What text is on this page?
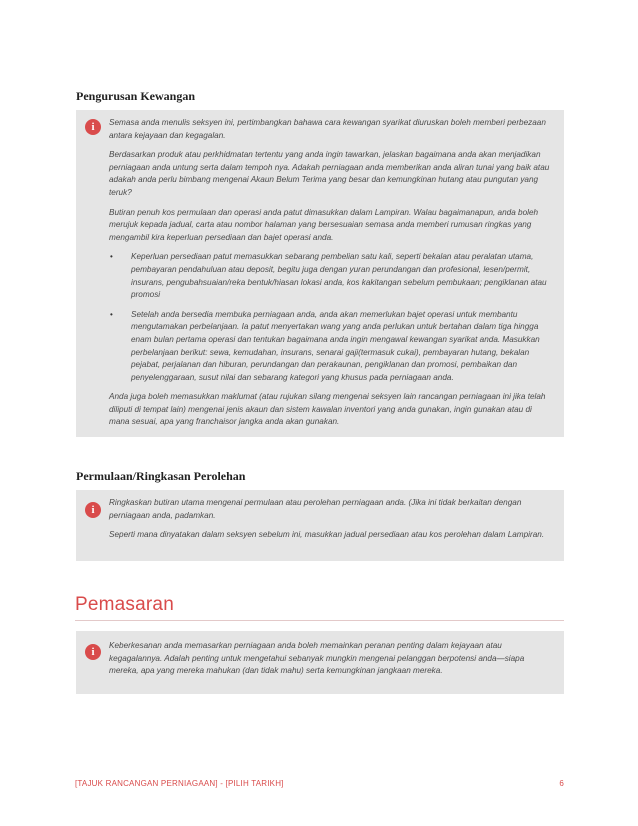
Pengurusan Kewangan
i	Semasa anda menulis seksyen ini, pertimbangkan bahawa cara kewangan syarikat diuruskan boleh memberi perbezaan antara kejayaan dan kegagalan.

Berdasarkan produk atau perkhidmatan tertentu yang anda ingin tawarkan, jelaskan bagaimana anda akan menjadikan perniagaan anda untung serta dalam tempoh nya. Adakah perniagaan anda memberikan anda aliran tunai yang baik atau adakah anda perlu bimbang mengenai Akaun Belum Terima yang besar dan kemungkinan hutang atau pungutan yang teruk?

Butiran penuh kos permulaan dan operasi anda patut dimasukkan dalam Lampiran. Walau bagaimanapun, anda boleh merujuk kepada jadual, carta atau nombor halaman yang bersesuaian semasa anda memberi rumusan ringkas yang mengambil kira keperluan persediaan dan bajet operasi anda.

• Keperluan persediaan patut memasukkan sebarang pembelian satu kali, seperti bekalan atau peralatan utama, pembayaran pendahuluan atau deposit, begitu juga dengan yuran perundangan dan profesional, lesen/permit, insurans, pengubahsuaian/reka bentuk/hiasan lokasi anda, kos kakitangan sebelum pembukaan; pengiklanan atau promosi
• Setelah anda bersedia membuka perniagaan anda, anda akan memerlukan bajet operasi untuk membantu mengutamakan perbelanjaan. Ia patut menyertakan wang yang anda perlukan untuk bertahan dalam tiga hingga enam bulan pertama operasi dan tentukan bagaimana anda ingin mengawal kewangan syarikat anda. Masukkan perbelanjaan berikut: sewa, kemudahan, insurans, senarai gaji(termasuk cukai), pembayaran hutang, bekalan pejabat, perjalanan dan hiburan, perundangan dan perakaunan, pengiklanan dan promosi, pembaikan dan penyelenggaraan, susut nilai dan sebarang kategori yang khusus pada perniagaan anda.

Anda juga boleh memasukkan maklumat (atau rujukan silang mengenai seksyen lain rancangan perniagaan ini jika telah diliputi di tempat lain) mengenai jenis akaun dan sistem kawalan inventori yang anda gunakan, ingin gunakan atau di mana sesuai, apa yang franchaisor jangka anda akan gunakan.

Permulaan/Ringkasan Perolehan
i

Ringkaskan butiran utama mengenai permulaan atau perolehan perniagaan anda. (Jika ini tidak berkaitan dengan perniagaan anda, padamkan.

Seperti mana dinyatakan dalam seksyen sebelum ini, masukkan jadual persediaan atau kos perolehan dalam Lampiran.

Pemasaran
i

Keberkesanan anda memasarkan perniagaan anda boleh memainkan peranan penting dalam kejayaan atau kegagalannya. Adalah penting untuk mengetahui sebanyak mungkin mengenai pelanggan berpotensi anda—siapa mereka, apa yang mereka mahukan (dan tidak mahu) serta kemungkinan jangkaan mereka.

[TAJUK RANCANGAN PERNIAGAAN] - [PILIH TARIKH]	6
